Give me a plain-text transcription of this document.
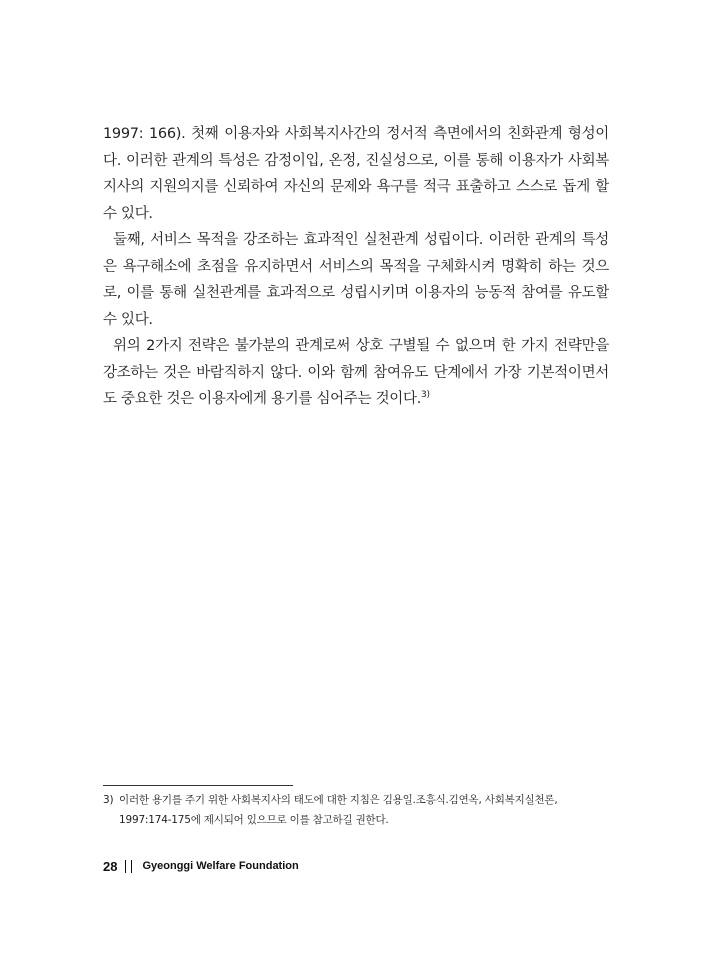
1997: 166). 첫째 이용자와 사회복지사간의 정서적 측면에서의 친화관계 형성이다. 이러한 관계의 특성은 감정이입, 온정, 진실성으로, 이를 통해 이용자가 사회복지사의 지원의지를 신뢰하여 자신의 문제와 욕구를 적극 표출하고 스스로 돕게 할 수 있다.

둘째, 서비스 목적을 강조하는 효과적인 실천관계 성립이다. 이러한 관계의 특성은 욕구해소에 초점을 유지하면서 서비스의 목적을 구체화시켜 명확히 하는 것으로, 이를 통해 실천관계를 효과적으로 성립시키며 이용자의 능동적 참여를 유도할 수 있다.

위의 2가지 전략은 불가분의 관계로써 상호 구별될 수 없으며 한 가지 전략만을 강조하는 것은 바람직하지 않다. 이와 함께 참여유도 단계에서 가장 기본적이면서도 중요한 것은 이용자에게 용기를 심어주는 것이다.$^{3)}$

3) 이러한 용기를 주기 위한 사회복지사의 태도에 대한 지침은 김용일.조흥식.김연옥, 사회복지실천론,
1997:174-175에 제시되어 있으므로 이를 참고하길 권한다.
28 Gyeonggi Welfare Foundation
